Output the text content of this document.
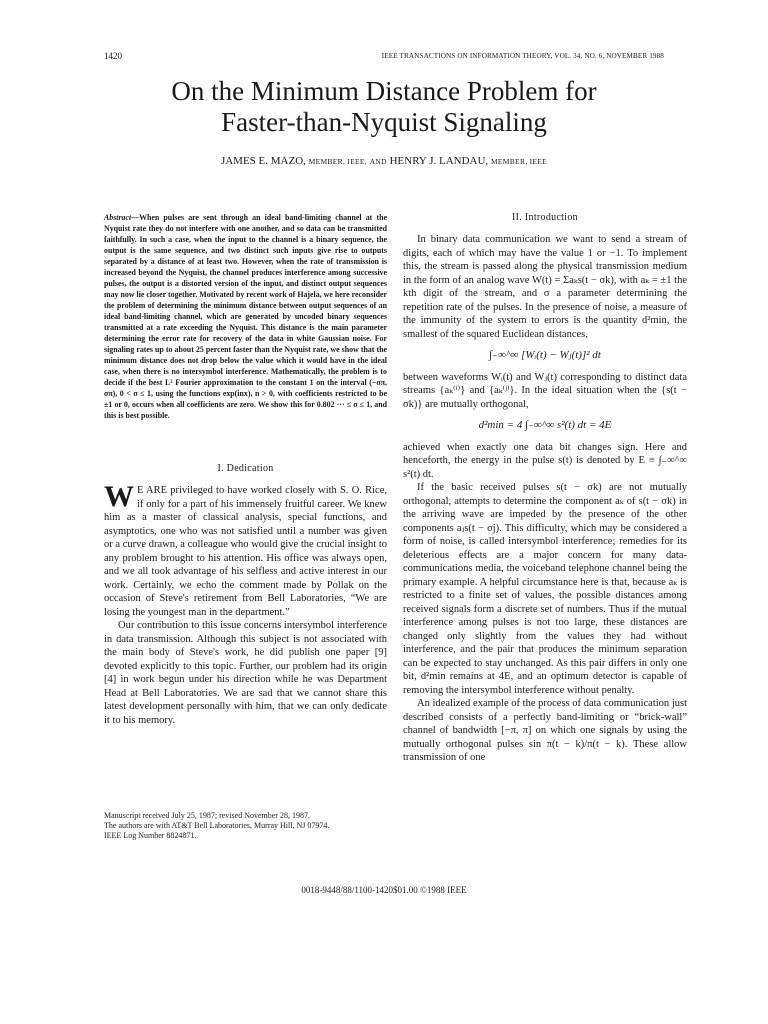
1420	IEEE TRANSACTIONS ON INFORMATION THEORY, VOL. 34, NO. 6, NOVEMBER 1988
On the Minimum Distance Problem for
Faster-than-Nyquist Signaling
JAMES E. MAZO, MEMBER, IEEE, AND HENRY J. LANDAU, MEMBER, IEEE

Abstract—When pulses are sent through an ideal band-limiting channel at the Nyquist rate they do not interfere with one another, and so data can be transmitted faithfully. In such a case, when the input to the channel is a binary sequence, the output is the same sequence, and two distinct such inputs give rise to outputs separated by a distance of at least two. However, when the rate of transmission is increased beyond the Nyquist, the channel produces interference among successive pulses, the output is a distorted version of the input, and distinct output sequences may now lie closer together. Motivated by recent work of Hajela, we here reconsider the problem of determining the minimum distance between output sequences of an ideal band-limiting channel, which are generated by uncoded binary sequences transmitted at a rate exceeding the Nyquist. This distance is the main parameter determining the error rate for recovery of the data in white Gaussian noise. For signaling rates up to about 25 percent faster than the Nyquist rate, we show that the minimum distance does not drop below the value which it would have in the ideal case, when there is no intersymbol interference. Mathematically, the problem is to decide if the best L² Fourier approximation to the constant 1 on the interval (−σπ, σπ), 0 < σ ≤ 1, using the functions exp(inx), n > 0, with coefficients restricted to be ±1 or 0, occurs when all coefficients are zero. We show this for 0.802 ··· ≤ σ ≤ 1, and this is best possible.

I. Dedication

W E ARE privileged to have worked closely with S. O. Rice, if only for a part of his immensely fruitful career. We knew him as a master of classical analysis, special functions, and asymptotics, one who was not satisfied until a number was given or a curve drawn, a colleague who would give the crucial insight to any problem brought to his attention. His office was always open, and we all took advantage of his selfless and active interest in our work. Certainly, we echo the comment made by Pollak on the occasion of Steve's retirement from Bell Laboratories, “We are losing the youngest man in the department.”

Our contribution to this issue concerns intersymbol interference in data transmission. Although this subject is not associated with the main body of Steve's work, he did publish one paper [9] devoted explicitly to this topic. Further, our problem had its origin [4] in work begun under his direction while he was Department Head at Bell Laboratories. We are sad that we cannot share this latest development personally with him, that we can only dedicate it to his memory.

Manuscript received July 25, 1987; revised November 28, 1987.
The authors are with AT&T Bell Laboratories, Murray Hill, NJ 07974.
IEEE Log Number 8824871.

II. Introduction

In binary data communication we want to send a stream of digits, each of which may have the value 1 or −1. To implement this, the stream is passed along the physical transmission medium in the form of an analog wave W(t) = Σaₖs(t − σk), with aₖ = ±1 the kth digit of the stream, and σ a parameter determining the repetition rate of the pulses. In the presence of noise, a measure of the immunity of the system to errors is the quantity d²min, the smallest of the squared Euclidean distances,

∫₋∞^∞ [Wᵢ(t) − Wⱼ(t)]² dt

between waveforms Wᵢ(t) and Wⱼ(t) corresponding to distinct data streams {aₖ⁽ⁱ⁾} and {aₖ⁽ʲ⁾}. In the ideal situation when the {s(t − σk)} are mutually orthogonal,

d²min = 4 ∫₋∞^∞ s²(t) dt = 4E

achieved when exactly one data bit changes sign. Here and henceforth, the energy in the pulse s(t) is denoted by E ≡ ∫₋∞^∞ s²(t) dt.

If the basic received pulses s(t − σk) are not mutually orthogonal, attempts to determine the component aₖ of s(t − σk) in the arriving wave are impeded by the presence of the other components aⱼs(t − σj). This difficulty, which may be considered a form of noise, is called intersymbol interference; remedies for its deleterious effects are a major concern for many data-communications media, the voiceband telephone channel being the primary example. A helpful circumstance here is that, because aₖ is restricted to a finite set of values, the possible distances among received signals form a discrete set of numbers. Thus if the mutual interference among pulses is not too large, these distances are changed only slightly from the values they had without interference, and the pair that produces the minimum separation can be expected to stay unchanged. As this pair differs in only one bit, d²min remains at 4E, and an optimum detector is capable of removing the intersymbol interference without penalty.

An idealized example of the process of data communication just described consists of a perfectly band-limiting or “brick-wall” channel of bandwidth [−π, π] on which one signals by using the mutually orthogonal pulses sin π(t − k)/π(t − k). These allow transmission of one

0018-9448/88/1100-1420$01.00 ©1988 IEEE
